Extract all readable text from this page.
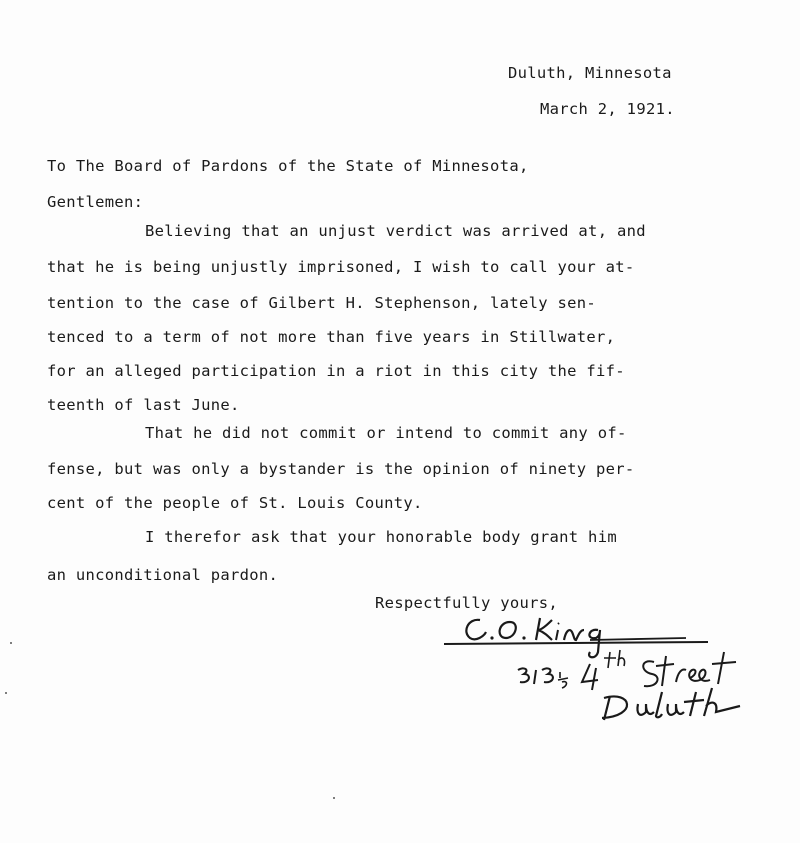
Duluth, Minnesota
March 2, 1921.
To The Board of Pardons of the State of Minnesota,
Gentlemen:
Believing that an unjust verdict was arrived at, and
that he is being unjustly imprisoned, I wish to call your at-
tention to the case of Gilbert H. Stephenson, lately sen-
tenced to a term of not more than five years in Stillwater,
for an alleged participation in a riot in this city the fif-
teenth of last June.
That he did not commit or intend to commit any of-
fense, but was only a bystander is the opinion of ninety per-
cent of the people of St. Louis County.
I therefor ask that your honorable body grant him
an unconditional pardon.
Respectfully yours,
